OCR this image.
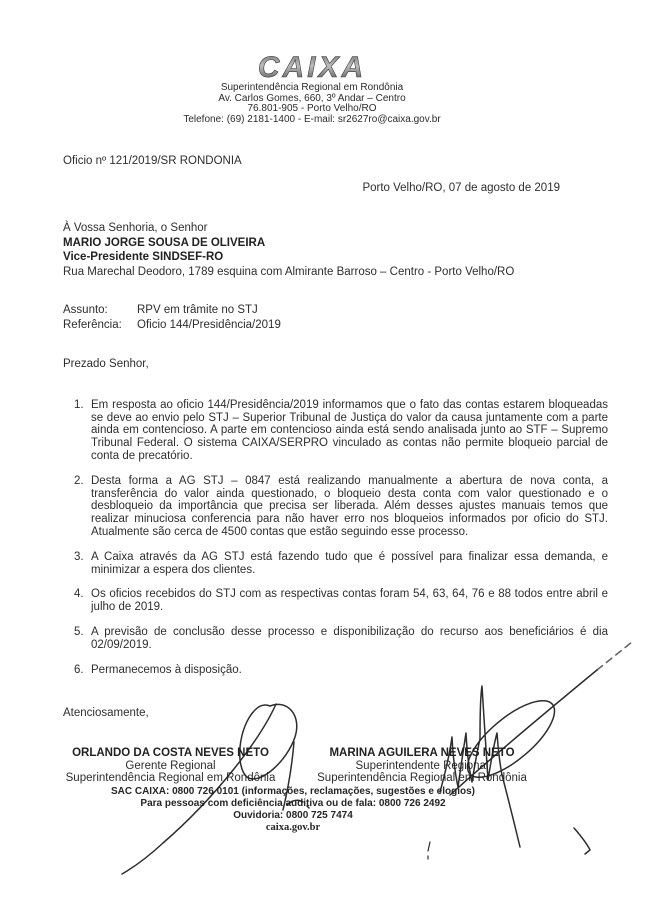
CAIXA
Superintendência Regional em Rondônia
Av. Carlos Gomes, 660, 3º Andar – Centro
76.801-905 - Porto Velho/RO
Telefone: (69) 2181-1400 - E-mail: sr2627ro@caixa.gov.br
Oficio nº 121/2019/SR RONDONIA
Porto Velho/RO, 07 de agosto de 2019
À Vossa Senhoria, o Senhor
MARIO JORGE SOUSA DE OLIVEIRA
Vice-Presidente SINDSEF-RO
Rua Marechal Deodoro, 1789 esquina com Almirante Barroso – Centro - Porto Velho/RO
Assunto:	RPV em trâmite no STJ
Referência:	Oficio 144/Presidência/2019
Prezado Senhor,
1. Em resposta ao oficio 144/Presidência/2019 informamos que o fato das contas estarem bloqueadas se deve ao envio pelo STJ – Superior Tribunal de Justiça do valor da causa juntamente com a parte ainda em contencioso. A parte em contencioso ainda está sendo analisada junto ao STF – Supremo Tribunal Federal. O sistema CAIXA/SERPRO vinculado as contas não permite bloqueio parcial de conta de precatório.
2. Desta forma a AG STJ – 0847 está realizando manualmente a abertura de nova conta, a transferência do valor ainda questionado, o bloqueio desta conta com valor questionado e o desbloqueio da importância que precisa ser liberada. Além desses ajustes manuais temos que realizar minuciosa conferencia para não haver erro nos bloqueios informados por oficio do STJ. Atualmente são cerca de 4500 contas que estão seguindo esse processo.
3. A Caixa através da AG STJ está fazendo tudo que é possível para finalizar essa demanda, e minimizar a espera dos clientes.
4. Os oficios recebidos do STJ com as respectivas contas foram 54, 63, 64, 76 e 88 todos entre abril e julho de 2019.
5. A previsão de conclusão desse processo e disponibilização do recurso aos beneficiários é dia 02/09/2019.
6. Permanecemos à disposição.
Atenciosamente,
ORLANDO DA COSTA NEVES NETO
Gerente Regional
Superintendência Regional em Rondônia
MARINA AGUILERA NEVES NETO
Superintendente Regional
Superintendência Regional em Rondônia
SAC CAIXA: 0800 726 0101 (informações, reclamações, sugestões e elogios)
Para pessoas com deficiência auditiva ou de fala: 0800 726 2492
Ouvidoria: 0800 725 7474
caixa.gov.br
